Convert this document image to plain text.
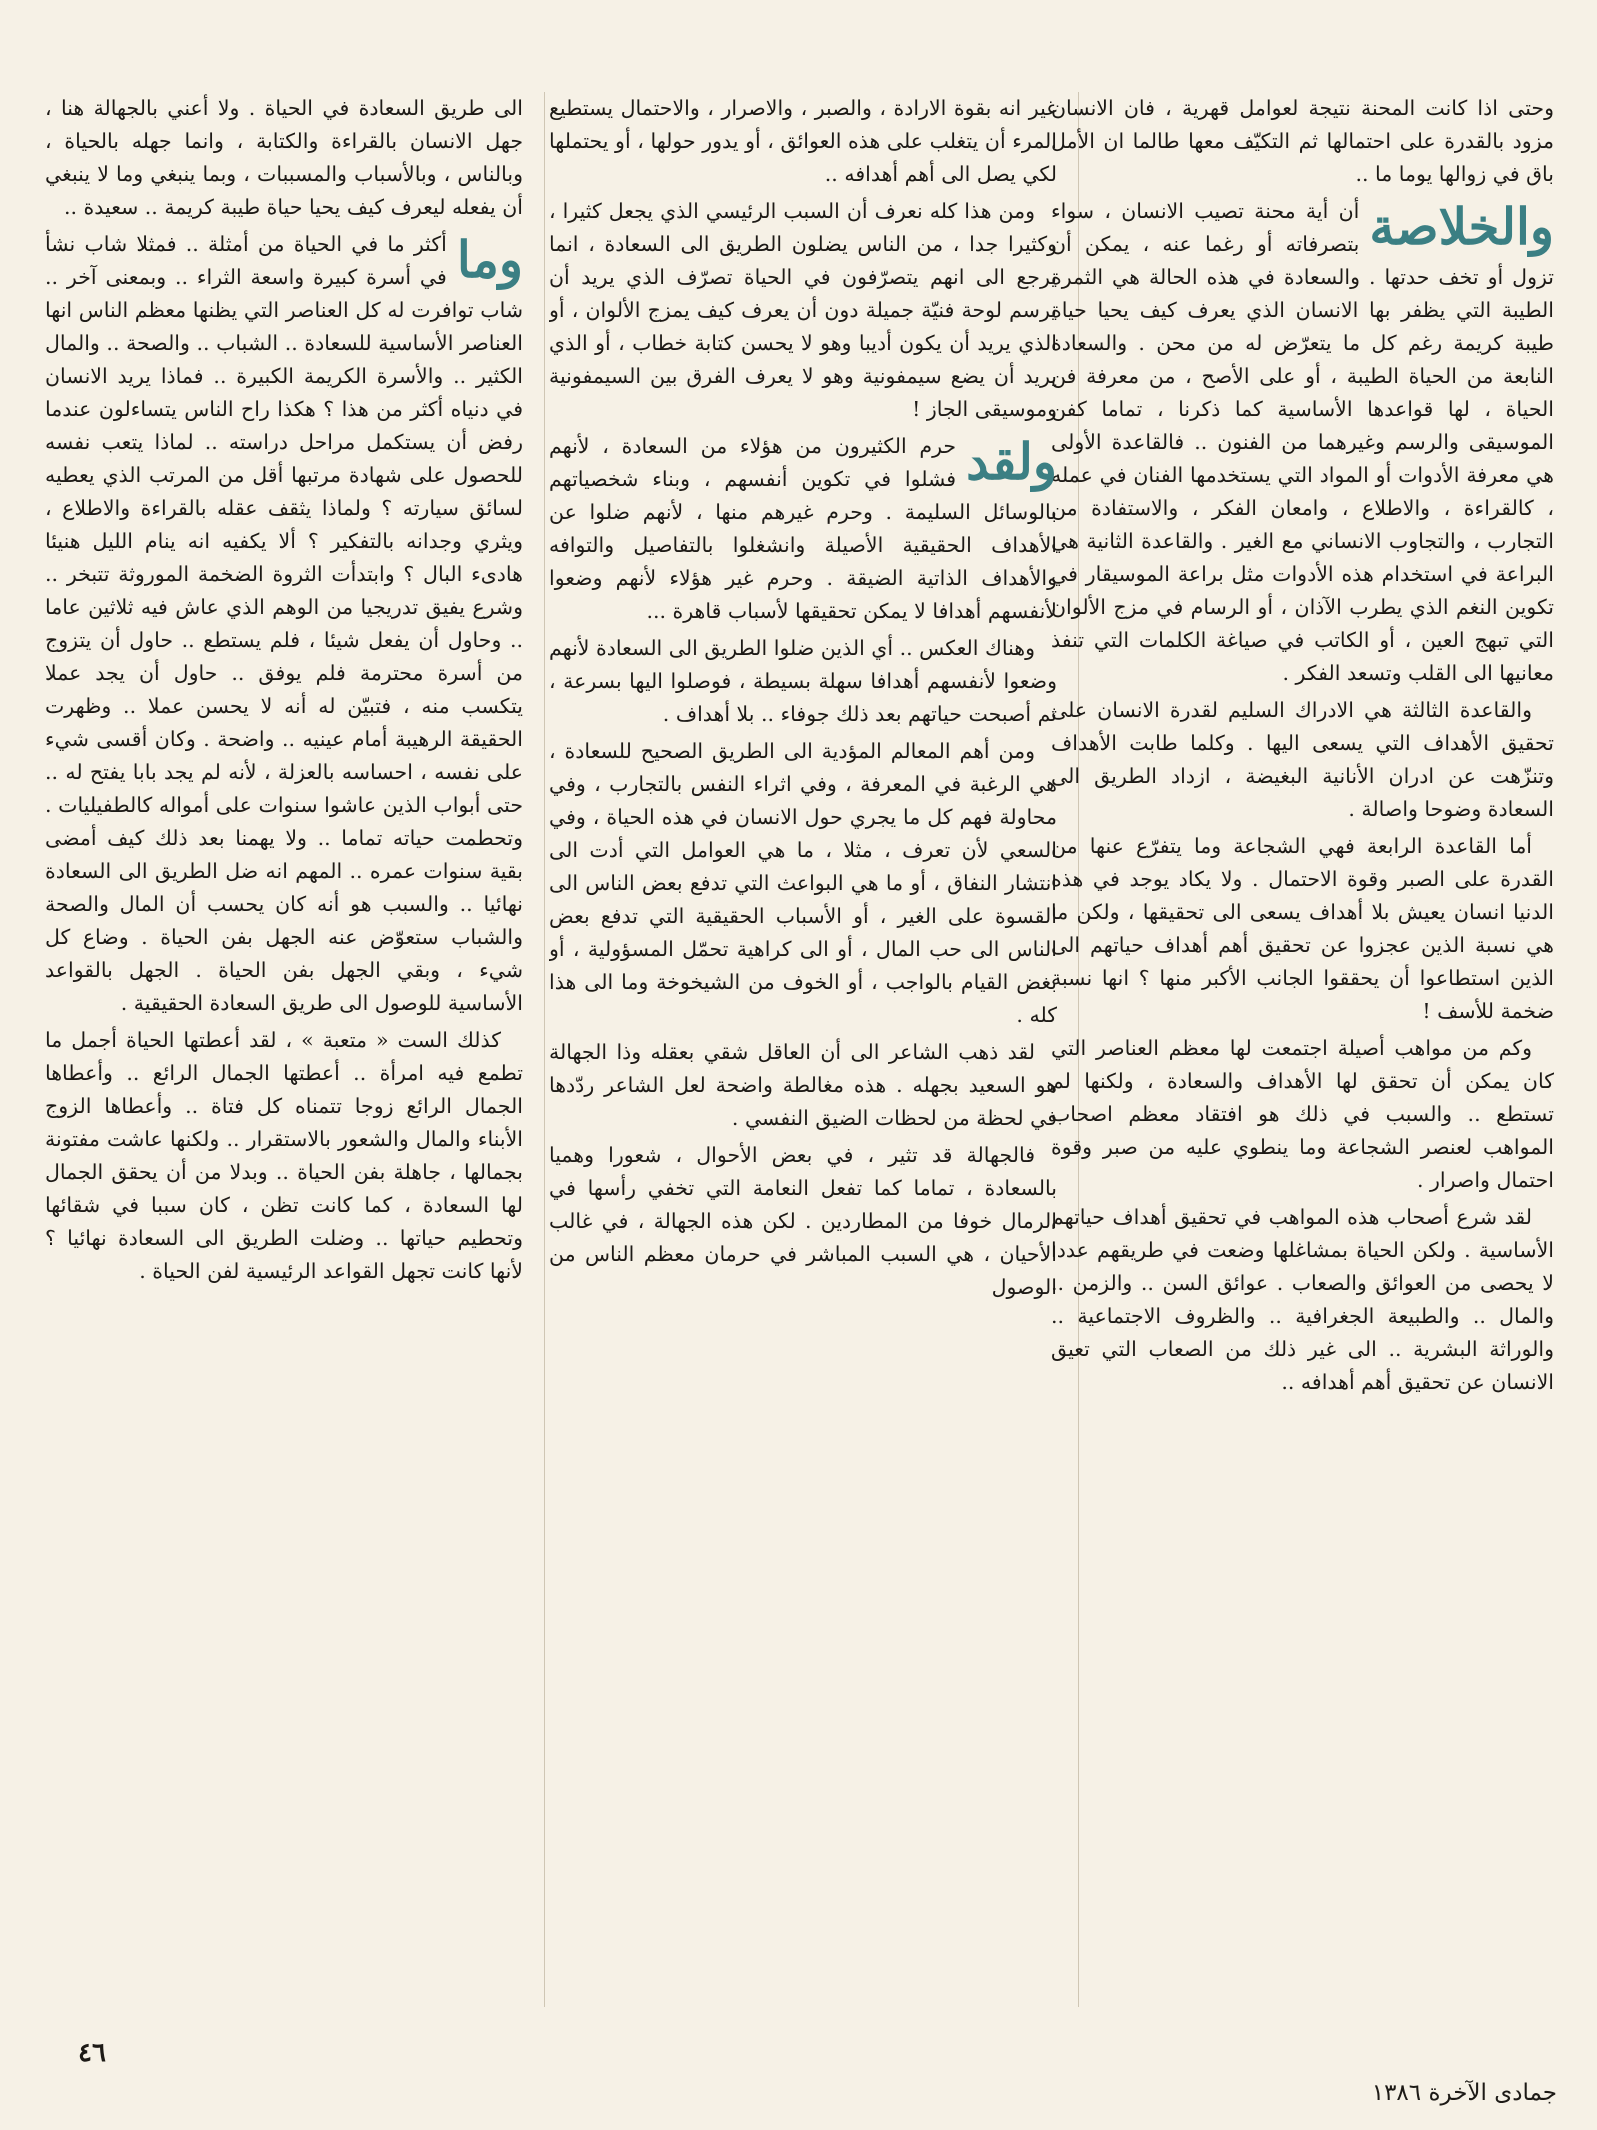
وحتى اذا كانت المحنة نتيجة لعوامل قهرية ، فان الانسان مزود بالقدرة على احتمالها ثم التكيّف معها طالما ان الأمل باق في زوالها يوما ما ..

والخلاصة
أن أية محنة تصيب الانسان ، سواء بتصرفاته أو رغما عنه ، يمكن أن تزول أو تخف حدتها . والسعادة في هذه الحالة هي الثمرة الطيبة التي يظفر بها الانسان الذي يعرف كيف يحيا حياة طيبة كريمة رغم كل ما يتعرّض له من محن . والسعادة النابعة من الحياة الطيبة ، أو على الأصح ، من معرفة فن الحياة ، لها قواعدها الأساسية كما ذكرنا ، تماما كفن الموسيقى والرسم وغيرهما من الفنون .. فالقاعدة الأولى هي معرفة الأدوات أو المواد التي يستخدمها الفنان في عمله ، كالقراءة ، والاطلاع ، وامعان الفكر ، والاستفادة من التجارب ، والتجاوب الانساني مع الغير . والقاعدة الثانية هي البراعة في استخدام هذه الأدوات مثل براعة الموسيقار في تكوين النغم الذي يطرب الآذان ، أو الرسام في مزج الألوان التي تبهج العين ، أو الكاتب في صياغة الكلمات التي تنفذ معانيها الى القلب وتسعد الفكر .

والقاعدة الثالثة هي الادراك السليم لقدرة الانسان على تحقيق الأهداف التي يسعى اليها . وكلما طابت الأهداف وتنزّهت عن ادران الأنانية البغيضة ، ازداد الطريق الى السعادة وضوحا واصالة .

أما القاعدة الرابعة فهي الشجاعة وما يتفرّع عنها من القدرة على الصبر وقوة الاحتمال . ولا يكاد يوجد في هذه الدنيا انسان يعيش بلا أهداف يسعى الى تحقيقها ، ولكن ما هي نسبة الذين عجزوا عن تحقيق أهم أهداف حياتهم الى الذين استطاعوا أن يحققوا الجانب الأكبر منها ؟ انها نسبة ضخمة للأسف !

وكم من مواهب أصيلة اجتمعت لها معظم العناصر التي كان يمكن أن تحقق لها الأهداف والسعادة ، ولكنها لم تستطع .. والسبب في ذلك هو افتقاد معظم اصحاب المواهب لعنصر الشجاعة وما ينطوي عليه من صبر وقوة احتمال واصرار .

لقد شرع أصحاب هذه المواهب في تحقيق أهداف حياتهم الأساسية . ولكن الحياة بمشاغلها وضعت في طريقهم عددا لا يحصى من العوائق والصعاب . عوائق السن .. والزمن .. والمال .. والطبيعة الجغرافية .. والظروف الاجتماعية .. والوراثة البشرية .. الى غير ذلك من الصعاب التي تعيق الانسان عن تحقيق أهم أهدافه ..

غير انه بقوة الارادة ، والصبر ، والاصرار ، والاحتمال يستطيع المرء أن يتغلب على هذه العوائق ، أو يدور حولها ، أو يحتملها لكي يصل الى أهم أهدافه ..

ومن هذا كله نعرف أن السبب الرئيسي الذي يجعل كثيرا ، وكثيرا جدا ، من الناس يضلون الطريق الى السعادة ، انما يرجع الى انهم يتصرّفون في الحياة تصرّف الذي يريد أن يرسم لوحة فنيّة جميلة دون أن يعرف كيف يمزج الألوان ، أو الذي يريد أن يكون أديبا وهو لا يحسن كتابة خطاب ، أو الذي يريد أن يضع سيمفونية وهو لا يعرف الفرق بين السيمفونية وموسيقى الجاز !

ولقد
حرم الكثيرون من هؤلاء من السعادة ، لأنهم فشلوا في تكوين أنفسهم ، وبناء شخصياتهم بالوسائل السليمة . وحرم غيرهم منها ، لأنهم ضلوا عن الأهداف الحقيقية الأصيلة وانشغلوا بالتفاصيل والتوافه والأهداف الذاتية الضيقة . وحرم غير هؤلاء لأنهم وضعوا لأنفسهم أهدافا لا يمكن تحقيقها لأسباب قاهرة ...

وهناك العكس .. أي الذين ضلوا الطريق الى السعادة لأنهم وضعوا لأنفسهم أهدافا سهلة بسيطة ، فوصلوا اليها بسرعة ، ثم أصبحت حياتهم بعد ذلك جوفاء .. بلا أهداف .

ومن أهم المعالم المؤدية الى الطريق الصحيح للسعادة ، هي الرغبة في المعرفة ، وفي اثراء النفس بالتجارب ، وفي محاولة فهم كل ما يجري حول الانسان في هذه الحياة ، وفي السعي لأن تعرف ، مثلا ، ما هي العوامل التي أدت الى انتشار النفاق ، أو ما هي البواعث التي تدفع بعض الناس الى القسوة على الغير ، أو الأسباب الحقيقية التي تدفع بعض الناس الى حب المال ، أو الى كراهية تحمّل المسؤولية ، أو بغض القيام بالواجب ، أو الخوف من الشيخوخة وما الى هذا كله .

لقد ذهب الشاعر الى أن العاقل شقي بعقله وذا الجهالة هو السعيد بجهله . هذه مغالطة واضحة لعل الشاعر ردّدها في لحظة من لحظات الضيق النفسي .

فالجهالة قد تثير ، في بعض الأحوال ، شعورا وهميا بالسعادة ، تماما كما تفعل النعامة التي تخفي رأسها في الرمال خوفا من المطاردين . لكن هذه الجهالة ، في غالب الأحيان ، هي السبب المباشر في حرمان معظم الناس من الوصول

الى طريق السعادة في الحياة . ولا أعني بالجهالة هنا ، جهل الانسان بالقراءة والكتابة ، وانما جهله بالحياة ، وبالناس ، وبالأسباب والمسببات ، وبما ينبغي وما لا ينبغي أن يفعله ليعرف كيف يحيا حياة طيبة كريمة .. سعيدة ..

وما
أكثر ما في الحياة من أمثلة .. فمثلا شاب نشأ في أسرة كبيرة واسعة الثراء .. وبمعنى آخر .. شاب توافرت له كل العناصر التي يظنها معظم الناس انها العناصر الأساسية للسعادة .. الشباب .. والصحة .. والمال الكثير .. والأسرة الكريمة الكبيرة .. فماذا يريد الانسان في دنياه أكثر من هذا ؟ هكذا راح الناس يتساءلون عندما رفض أن يستكمل مراحل دراسته .. لماذا يتعب نفسه للحصول على شهادة مرتبها أقل من المرتب الذي يعطيه لسائق سيارته ؟ ولماذا يثقف عقله بالقراءة والاطلاع ، ويثري وجدانه بالتفكير ؟ ألا يكفيه انه ينام الليل هنيئا هادىء البال ؟ وابتدأت الثروة الضخمة الموروثة تتبخر .. وشرع يفيق تدريجيا من الوهم الذي عاش فيه ثلاثين عاما .. وحاول أن يفعل شيئا ، فلم يستطع .. حاول أن يتزوج من أسرة محترمة فلم يوفق .. حاول أن يجد عملا يتكسب منه ، فتبيّن له أنه لا يحسن عملا .. وظهرت الحقيقة الرهيبة أمام عينيه .. واضحة . وكان أقسى شيء على نفسه ، احساسه بالعزلة ، لأنه لم يجد بابا يفتح له .. حتى أبواب الذين عاشوا سنوات على أمواله كالطفيليات . وتحطمت حياته تماما .. ولا يهمنا بعد ذلك كيف أمضى بقية سنوات عمره .. المهم انه ضل الطريق الى السعادة نهائيا .. والسبب هو أنه كان يحسب أن المال والصحة والشباب ستعوّض عنه الجهل بفن الحياة . وضاع كل شيء ، وبقي الجهل بفن الحياة . الجهل بالقواعد الأساسية للوصول الى طريق السعادة الحقيقية .

كذلك الست « متعبة » ، لقد أعطتها الحياة أجمل ما تطمع فيه امرأة .. أعطتها الجمال الرائع .. وأعطاها الجمال الرائع زوجا تتمناه كل فتاة .. وأعطاها الزوج الأبناء والمال والشعور بالاستقرار .. ولكنها عاشت مفتونة بجمالها ، جاهلة بفن الحياة .. وبدلا من أن يحقق الجمال لها السعادة ، كما كانت تظن ، كان سببا في شقائها وتحطيم حياتها .. وضلت الطريق الى السعادة نهائيا ؟ لأنها كانت تجهل القواعد الرئيسية لفن الحياة .

٤٦
جمادى الآخرة ١٣٨٦
